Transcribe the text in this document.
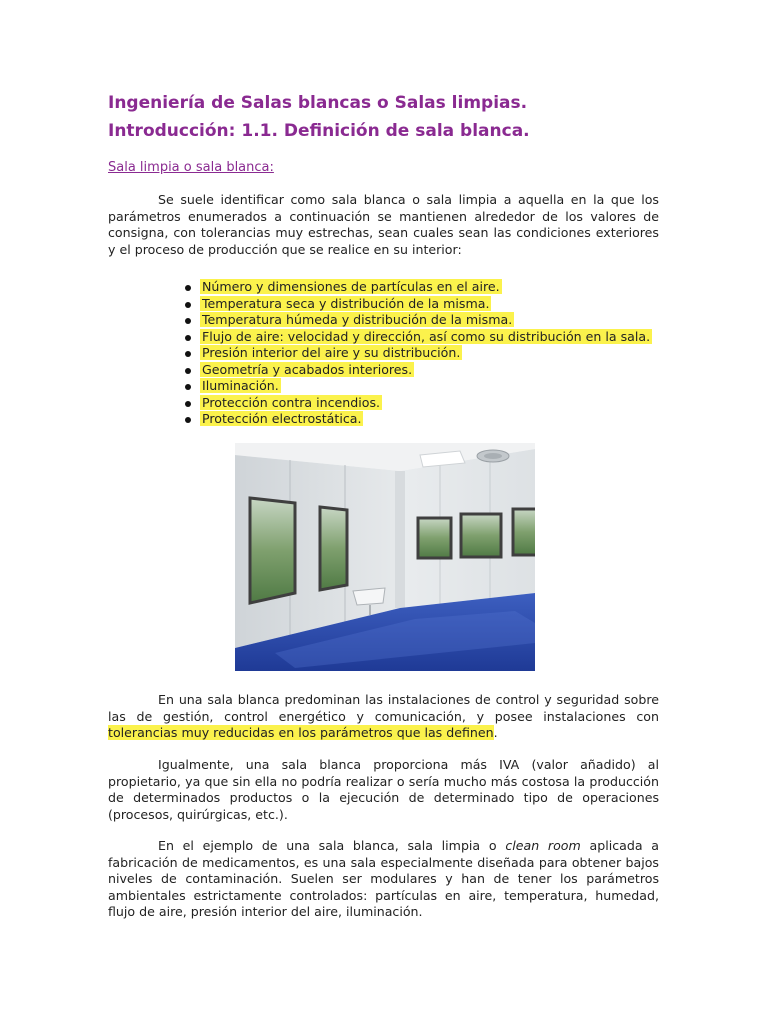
Ingeniería de Salas blancas o Salas limpias.
Introducción: 1.1. Definición de sala blanca.
Sala limpia o sala blanca:

Se suele identificar como sala blanca o sala limpia a aquella en la que los parámetros enumerados a continuación se mantienen alrededor de los valores de consigna, con tolerancias muy estrechas, sean cuales sean las condiciones exteriores y el proceso de producción que se realice en su interior:

Número y dimensiones de partículas en el aire.
Temperatura seca y distribución de la misma.
Temperatura húmeda y distribución de la misma.
Flujo de aire: velocidad y dirección, así como su distribución en la sala.
Presión interior del aire y su distribución.
Geometría y acabados interiores.
Iluminación.
Protección contra incendios.
Protección electrostática.

En una sala blanca predominan las instalaciones de control y seguridad sobre las de gestión, control energético y comunicación, y posee instalaciones con tolerancias muy reducidas en los parámetros que las definen.

Igualmente, una sala blanca proporciona más IVA (valor añadido) al propietario, ya que sin ella no podría realizar o sería mucho más costosa la producción de determinados productos o la ejecución de determinado tipo de operaciones (procesos, quirúrgicas, etc.).

En el ejemplo de una sala blanca, sala limpia o clean room aplicada a fabricación de medicamentos, es una sala especialmente diseñada para obtener bajos niveles de contaminación. Suelen ser modulares y han de tener los parámetros ambientales estrictamente controlados: partículas en aire, temperatura, humedad, flujo de aire, presión interior del aire, iluminación.
